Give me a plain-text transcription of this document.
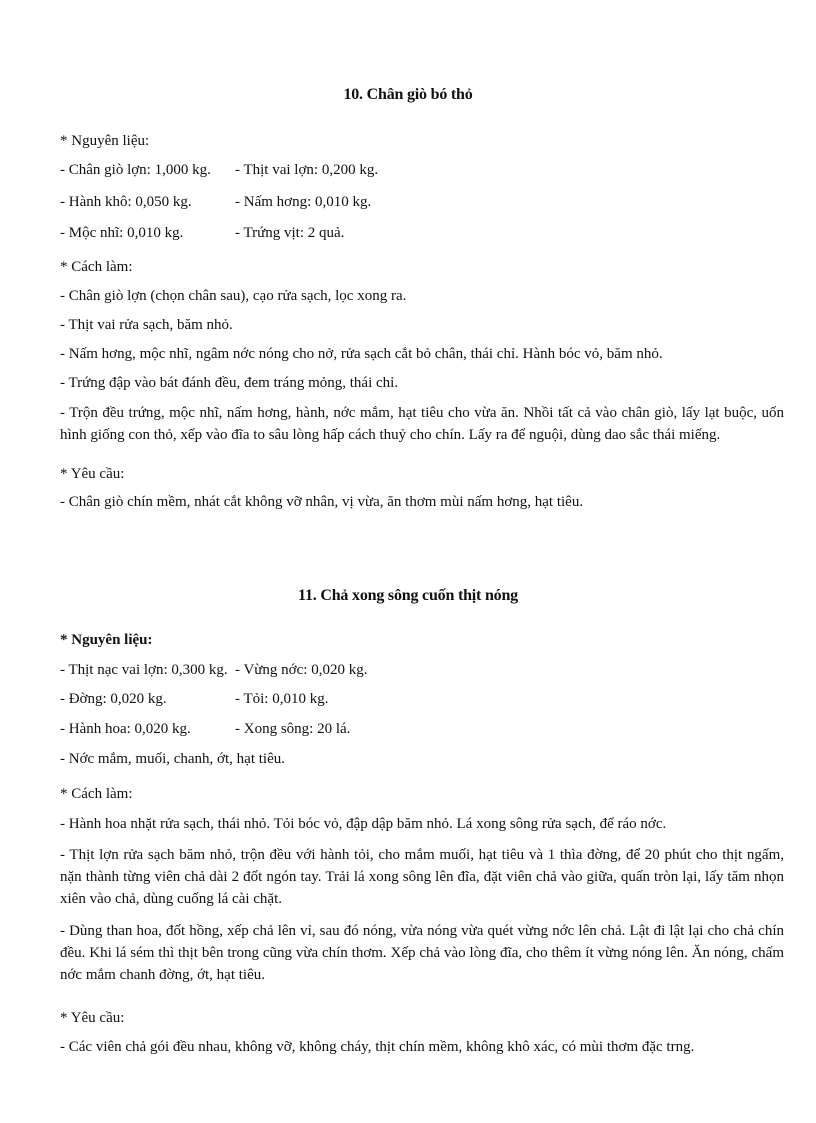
10. Chân giò bó thỏ
* Nguyên liệu:
- Chân giò lợn: 1,000 kg. - Thịt vai lợn: 0,200 kg.
- Hành khô: 0,050 kg.	- Nấm hơng: 0,010 kg.
- Mộc nhĩ: 0,010 kg.	- Trứng vịt: 2 quả.
* Cách làm:
- Chân giò lợn (chọn chân sau), cạo rửa sạch, lọc xong ra.
- Thịt vai rửa sạch, băm nhỏ.
- Nấm hơng, mộc nhĩ, ngâm nớc nóng cho nở, rửa sạch cắt bỏ chân, thái chỉ. Hành bóc vỏ, băm nhỏ.
- Trứng đập vào bát đánh đều, đem tráng mỏng, thái chỉ.
- Trộn đều trứng, mộc nhĩ, nấm hơng, hành, nớc mắm, hạt tiêu cho vừa ăn. Nhồi tất cả vào chân giò, lấy lạt buộc, uốn hình giống con thỏ, xếp vào đĩa to sâu lòng hấp cách thuỷ cho chín. Lấy ra để nguội, dùng dao sắc thái miếng.
* Yêu cầu:
- Chân giò chín mềm, nhát cắt không vỡ nhân, vị vừa, ăn thơm mùi nấm hơng, hạt tiêu.
11. Chả xong sông cuốn thịt nóng
* Nguyên liệu:
- Thịt nạc vai lợn: 0,300 kg. - Vừng nớc: 0,020 kg.
- Đờng: 0,020 kg.	- Tỏi: 0,010 kg.
- Hành hoa: 0,020 kg.	- Xong sông: 20 lá.
- Nớc mắm, muối, chanh, ớt, hạt tiêu.
* Cách làm:
- Hành hoa nhặt rửa sạch, thái nhỏ. Tỏi bóc vỏ, đập dập băm nhỏ. Lá xong sông rửa sạch, để ráo nớc.
- Thịt lợn rửa sạch băm nhỏ, trộn đều với hành tỏi, cho mắm muối, hạt tiêu và 1 thìa đờng, để 20 phút cho thịt ngấm, nặn thành từng viên chả dài 2 đốt ngón tay. Trải lá xong sông lên đĩa, đặt viên chả vào giữa, quấn tròn lại, lấy tăm nhọn xiên vào chả, dùng cuống lá cài chặt.
- Dùng than hoa, đốt hồng, xếp chả lên vỉ, sau đó nóng, vừa nóng vừa quét vừng nớc lên chả. Lật đi lật lại cho chả chín đều. Khi lá sém thì thịt bên trong cũng vừa chín thơm. Xếp chả vào lòng đĩa, cho thêm ít vừng nóng lên. Ăn nóng, chấm nớc mắm chanh đờng, ớt, hạt tiêu.
* Yêu cầu:
- Các viên chả gói đều nhau, không vỡ, không cháy, thịt chín mềm, không khô xác, có mùi thơm đặc trng.
